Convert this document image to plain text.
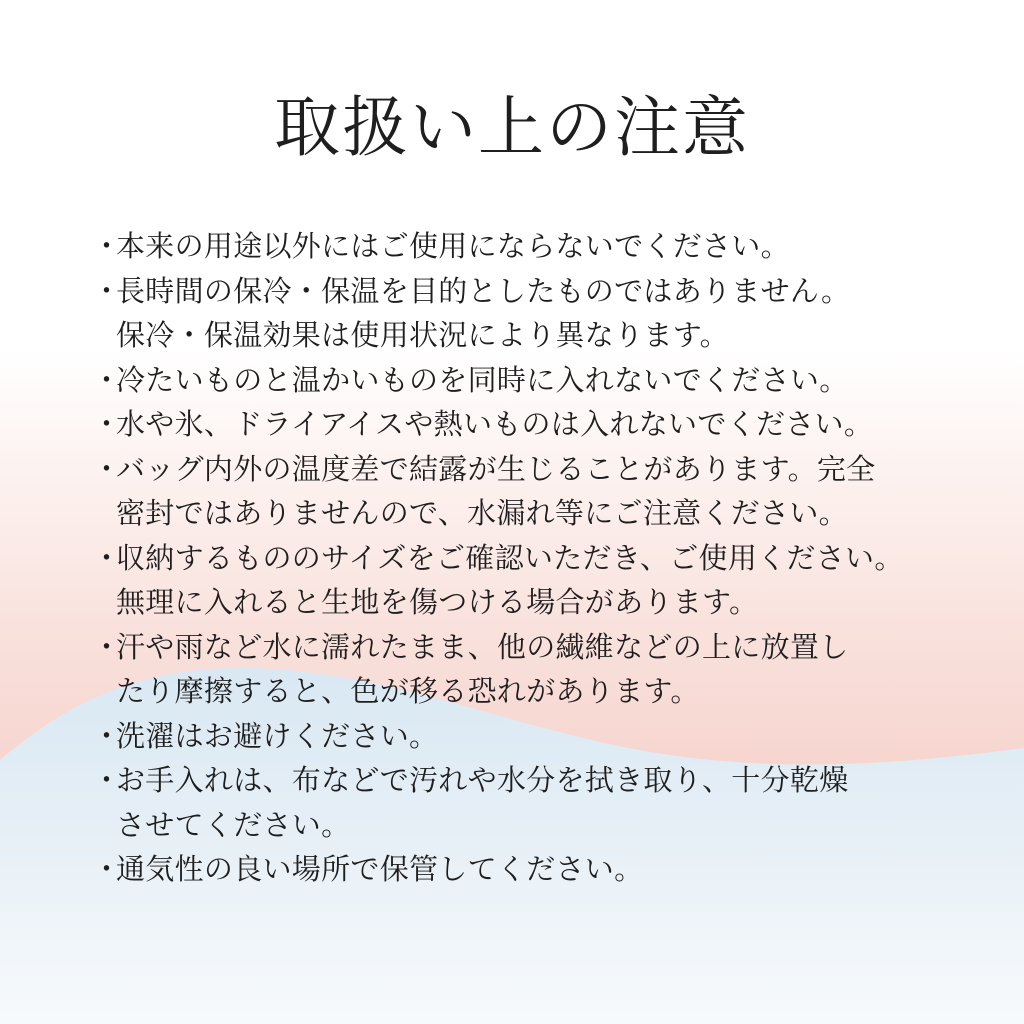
取扱い上の注意
・
本来の用途以外にはご使用にならないでください。
・
長時間の保冷・保温を目的としたものではありません。
保冷・保温効果は使用状況により異なります。
・
冷たいものと温かいものを同時に入れないでください。
・
水や氷、ドライアイスや熱いものは入れないでください。
・
バッグ内外の温度差で結露が生じることがあります。完全
密封ではありませんので、水漏れ等にご注意ください。
・
収納するもののサイズをご確認いただき、ご使用ください。
無理に入れると生地を傷つける場合があります。
・
汗や雨など水に濡れたまま、他の繊維などの上に放置し
たり摩擦すると、色が移る恐れがあります。
・
洗濯はお避けください。
・
お手入れは、布などで汚れや水分を拭き取り、十分乾燥
させてください。
・
通気性の良い場所で保管してください。
